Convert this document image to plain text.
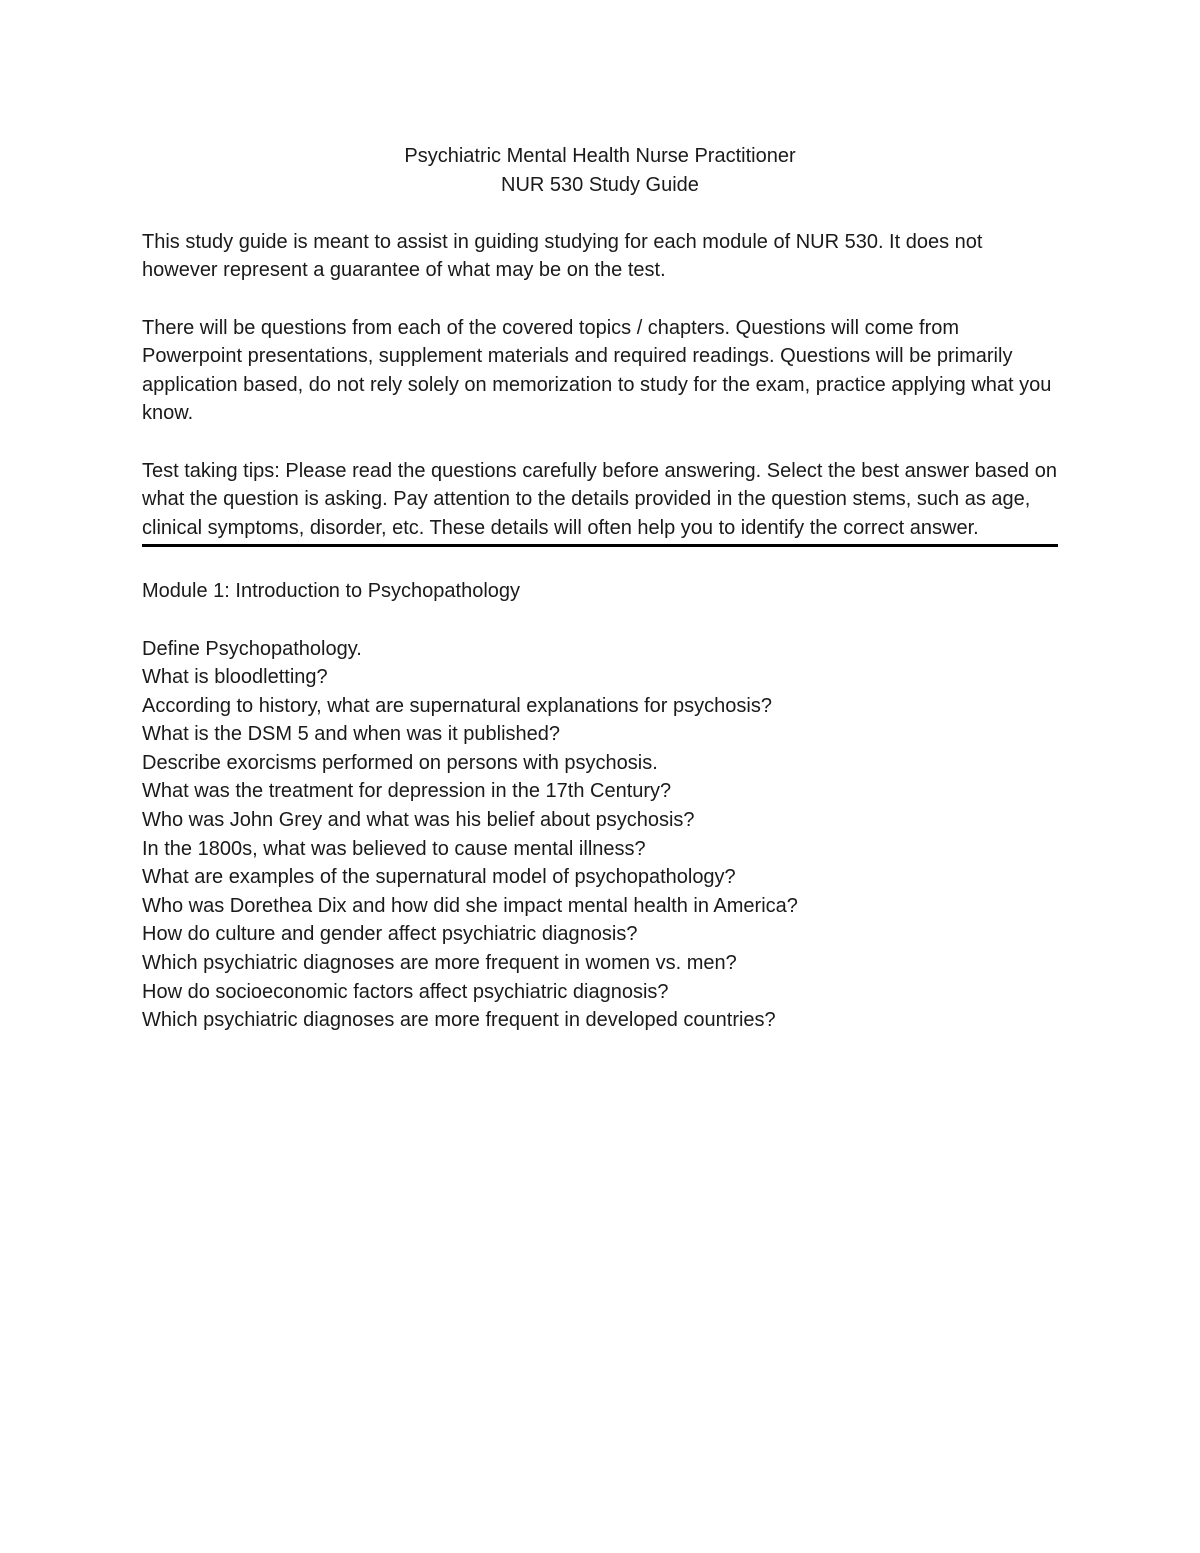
Psychiatric Mental Health Nurse Practitioner
NUR 530 Study Guide

This study guide is meant to assist in guiding studying for each module of NUR 530. It does not however represent a guarantee of what may be on the test.

There will be questions from each of the covered topics / chapters. Questions will come from Powerpoint presentations, supplement materials and required readings. Questions will be primarily application based, do not rely solely on memorization to study for the exam, practice applying what you know.

Test taking tips: Please read the questions carefully before answering. Select the best answer based on what the question is asking. Pay attention to the details provided in the question stems, such as age, clinical symptoms, disorder, etc. These details will often help you to identify the correct answer.

Module 1: Introduction to Psychopathology
Define Psychopathology.
What is bloodletting?
According to history, what are supernatural explanations for psychosis?
What is the DSM 5 and when was it published?
Describe exorcisms performed on persons with psychosis.
What was the treatment for depression in the 17th Century?
Who was John Grey and what was his belief about psychosis?
In the 1800s, what was believed to cause mental illness?
What are examples of the supernatural model of psychopathology?
Who was Dorethea Dix and how did she impact mental health in America?
How do culture and gender affect psychiatric diagnosis?
Which psychiatric diagnoses are more frequent in women vs. men?
How do socioeconomic factors affect psychiatric diagnosis?
Which psychiatric diagnoses are more frequent in developed countries?
